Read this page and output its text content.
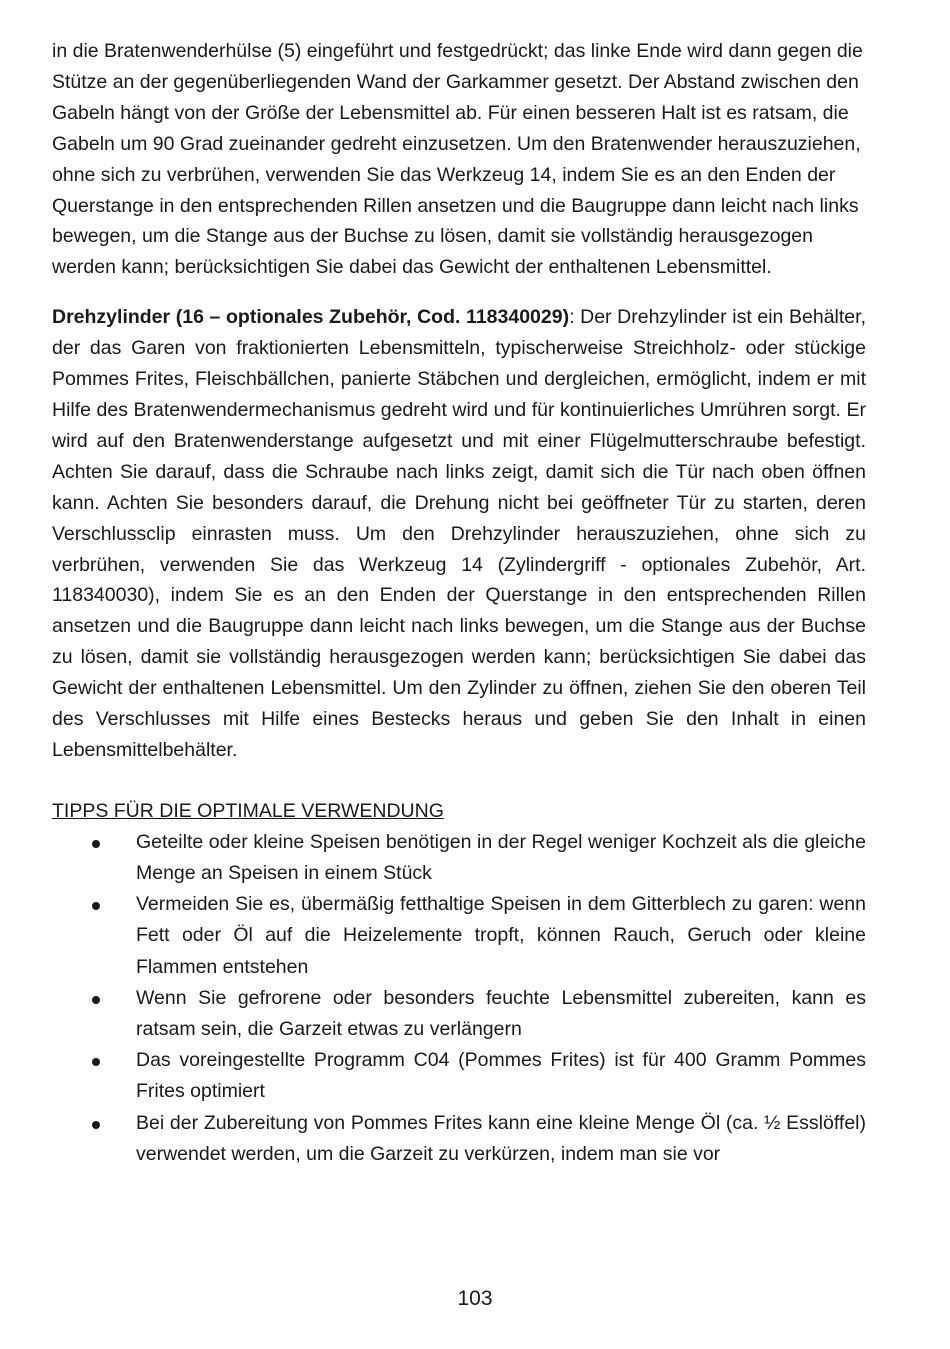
in die Bratenwenderhülse (5) eingeführt und festgedrückt; das linke Ende wird dann gegen die Stütze an der gegenüberliegenden Wand der Garkammer gesetzt. Der Abstand zwischen den Gabeln hängt von der Größe der Lebensmittel ab. Für einen besseren Halt ist es ratsam, die Gabeln um 90 Grad zueinander gedreht einzusetzen. Um den Bratenwender herauszuziehen, ohne sich zu verbrühen, verwenden Sie das Werkzeug 14, indem Sie es an den Enden der Querstange in den entsprechenden Rillen ansetzen und die Baugruppe dann leicht nach links bewegen, um die Stange aus der Buchse zu lösen, damit sie vollständig herausgezogen werden kann; berücksichtigen Sie dabei das Gewicht der enthaltenen Lebensmittel.

Drehzylinder (16 – optionales Zubehör, Cod. 118340029): Der Drehzylinder ist ein Behälter, der das Garen von fraktionierten Lebensmitteln, typischerweise Streichholz- oder stückige Pommes Frites, Fleischbällchen, panierte Stäbchen und dergleichen, ermöglicht, indem er mit Hilfe des Bratenwendermechanismus gedreht wird und für kontinuierliches Umrühren sorgt. Er wird auf den Bratenwenderstange aufgesetzt und mit einer Flügelmutterschraube befestigt. Achten Sie darauf, dass die Schraube nach links zeigt, damit sich die Tür nach oben öffnen kann. Achten Sie besonders darauf, die Drehung nicht bei geöffneter Tür zu starten, deren Verschlussclip einrasten muss. Um den Drehzylinder herauszuziehen, ohne sich zu verbrühen, verwenden Sie das Werkzeug 14 (Zylindergriff - optionales Zubehör, Art. 118340030), indem Sie es an den Enden der Querstange in den entsprechenden Rillen ansetzen und die Baugruppe dann leicht nach links bewegen, um die Stange aus der Buchse zu lösen, damit sie vollständig herausgezogen werden kann; berücksichtigen Sie dabei das Gewicht der enthaltenen Lebensmittel. Um den Zylinder zu öffnen, ziehen Sie den oberen Teil des Verschlusses mit Hilfe eines Bestecks heraus und geben Sie den Inhalt in einen Lebensmittelbehälter.

TIPPS FÜR DIE OPTIMALE VERWENDUNG
Geteilte oder kleine Speisen benötigen in der Regel weniger Kochzeit als die gleiche Menge an Speisen in einem Stück
Vermeiden Sie es, übermäßig fetthaltige Speisen in dem Gitterblech zu garen: wenn Fett oder Öl auf die Heizelemente tropft, können Rauch, Geruch oder kleine Flammen entstehen
Wenn Sie gefrorene oder besonders feuchte Lebensmittel zubereiten, kann es ratsam sein, die Garzeit etwas zu verlängern
Das voreingestellte Programm C04 (Pommes Frites) ist für 400 Gramm Pommes Frites optimiert
Bei der Zubereitung von Pommes Frites kann eine kleine Menge Öl (ca. ½ Esslöffel) verwendet werden, um die Garzeit zu verkürzen, indem man sie vor
103
